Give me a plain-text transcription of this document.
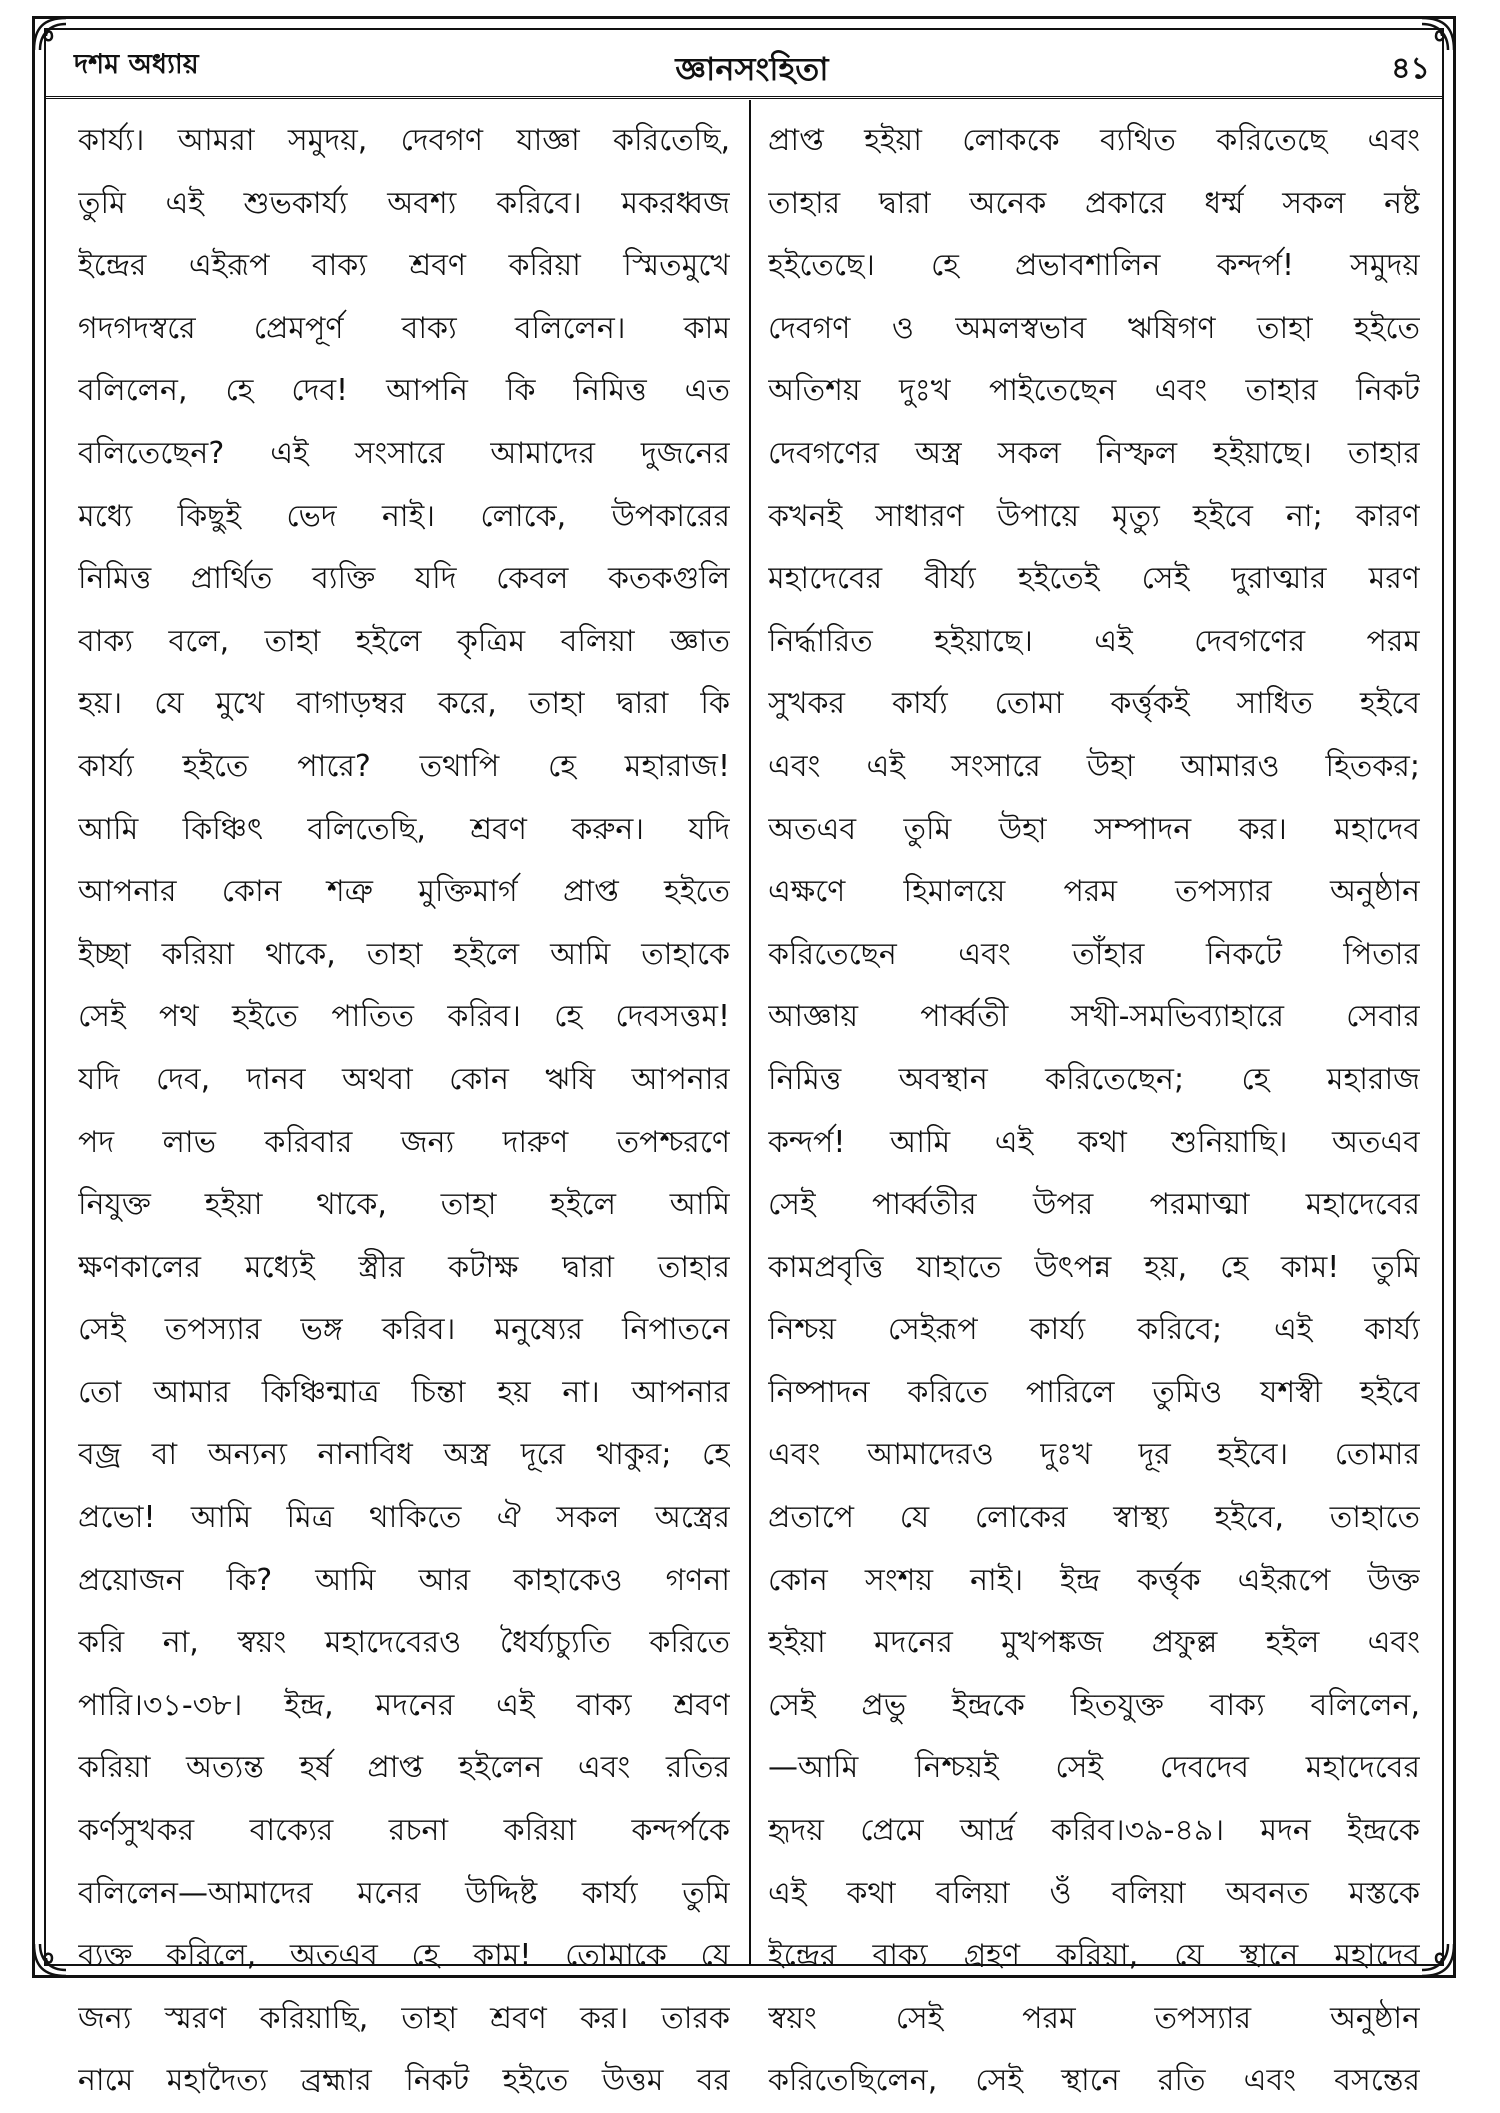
দশম অধ্যায়	জ্ঞানসংহিতা	৪১
কার্য্য। আমরা সমুদয়, দেবগণ যাজ্ঞা করিতেছি,
তুমি এই শুভকার্য্য অবশ্য করিবে। মকরধ্বজ
ইন্দ্রের এইরূপ বাক্য শ্রবণ করিয়া স্মিতমুখে
গদগদস্বরে প্রেমপূর্ণ বাক্য বলিলেন। কাম
বলিলেন, হে দেব! আপনি কি নিমিত্ত এত
বলিতেছেন? এই সংসারে আমাদের দুজনের
মধ্যে কিছুই ভেদ নাই। লোকে, উপকারের
নিমিত্ত প্রার্থিত ব্যক্তি যদি কেবল কতকগুলি
বাক্য বলে, তাহা হইলে কৃত্রিম বলিয়া জ্ঞাত
হয়। যে মুখে বাগাড়ম্বর করে, তাহা দ্বারা কি
কার্য্য হইতে পারে? তথাপি হে মহারাজ!
আমি কিঞ্চিৎ বলিতেছি, শ্রবণ করুন। যদি
আপনার কোন শত্রু মুক্তিমার্গ প্রাপ্ত হইতে
ইচ্ছা করিয়া থাকে, তাহা হইলে আমি তাহাকে
সেই পথ হইতে পাতিত করিব। হে দেবসত্তম!
যদি দেব, দানব অথবা কোন ঋষি আপনার
পদ লাভ করিবার জন্য দারুণ তপশ্চরণে
নিযুক্ত হইয়া থাকে, তাহা হইলে আমি
ক্ষণকালের মধ্যেই স্ত্রীর কটাক্ষ দ্বারা তাহার
সেই তপস্যার ভঙ্গ করিব। মনুষ্যের নিপাতনে
তো আমার কিঞ্চিন্মাত্র চিন্তা হয় না। আপনার
বজ্র বা অন্যন্য নানাবিধ অস্ত্র দূরে থাকুর; হে
প্রভো! আমি মিত্র থাকিতে ঐ সকল অস্ত্রের
প্রয়োজন কি? আমি আর কাহাকেও গণনা
করি না, স্বয়ং মহাদেবেরও ধৈর্য্যচ্যুতি করিতে
পারি।৩১-৩৮। ইন্দ্র, মদনের এই বাক্য শ্রবণ
করিয়া অত্যন্ত হর্ষ প্রাপ্ত হইলেন এবং রতির
কর্ণসুখকর বাক্যের রচনা করিয়া কন্দর্পকে
বলিলেন—আমাদের মনের উদ্দিষ্ট কার্য্য তুমি
ব্যক্ত করিলে, অতএব হে কাম! তোমাকে যে
জন্য স্মরণ করিয়াছি, তাহা শ্রবণ কর। তারক
নামে মহাদৈত্য ব্রহ্মার নিকট হইতে উত্তম বর
প্রাপ্ত হইয়া লোককে ব্যথিত করিতেছে এবং
তাহার দ্বারা অনেক প্রকারে ধর্ম্ম সকল নষ্ট
হইতেছে। হে প্রভাবশালিন কন্দর্প! সমুদয়
দেবগণ ও অমলস্বভাব ঋষিগণ তাহা হইতে
অতিশয় দুঃখ পাইতেছেন এবং তাহার নিকট
দেবগণের অস্ত্র সকল নিস্ফল হইয়াছে। তাহার
কখনই সাধারণ উপায়ে মৃত্যু হইবে না; কারণ
মহাদেবের বীর্য্য হইতেই সেই দুরাত্মার মরণ
নির্দ্ধারিত হইয়াছে। এই দেবগণের পরম
সুখকর কার্য্য তোমা কর্ত্তৃকই সাধিত হইবে
এবং এই সংসারে উহা আমারও হিতকর;
অতএব তুমি উহা সম্পাদন কর। মহাদেব
এক্ষণে হিমালয়ে পরম তপস্যার অনুষ্ঠান
করিতেছেন এবং তাঁহার নিকটে পিতার
আজ্ঞায় পার্ব্বতী সখী-সমভিব্যাহারে সেবার
নিমিত্ত অবস্থান করিতেছেন; হে মহারাজ
কন্দর্প! আমি এই কথা শুনিয়াছি। অতএব
সেই পার্ব্বতীর উপর পরমাত্মা মহাদেবের
কামপ্রবৃত্তি যাহাতে উৎপন্ন হয়, হে কাম! তুমি
নিশ্চয় সেইরূপ কার্য্য করিবে; এই কার্য্য
নিষ্পাদন করিতে পারিলে তুমিও যশস্বী হইবে
এবং আমাদেরও দুঃখ দূর হইবে। তোমার
প্রতাপে যে লোকের স্বাস্থ্য হইবে, তাহাতে
কোন সংশয় নাই। ইন্দ্র কর্ত্তৃক এইরূপে উক্ত
হইয়া মদনের মুখপঙ্কজ প্রফুল্ল হইল এবং
সেই প্রভু ইন্দ্রকে হিতযুক্ত বাক্য বলিলেন,
—আমি নিশ্চয়ই সেই দেবদেব মহাদেবের
হৃদয় প্রেমে আর্দ্র করিব।৩৯-৪৯। মদন ইন্দ্রকে
এই কথা বলিয়া ওঁ বলিয়া অবনত মস্তকে
ইন্দ্রের বাক্য গ্রহণ করিয়া, যে স্থানে মহাদেব
স্বয়ং সেই পরম তপস্যার অনুষ্ঠান
করিতেছিলেন, সেই স্থানে রতি এবং বসন্তের
